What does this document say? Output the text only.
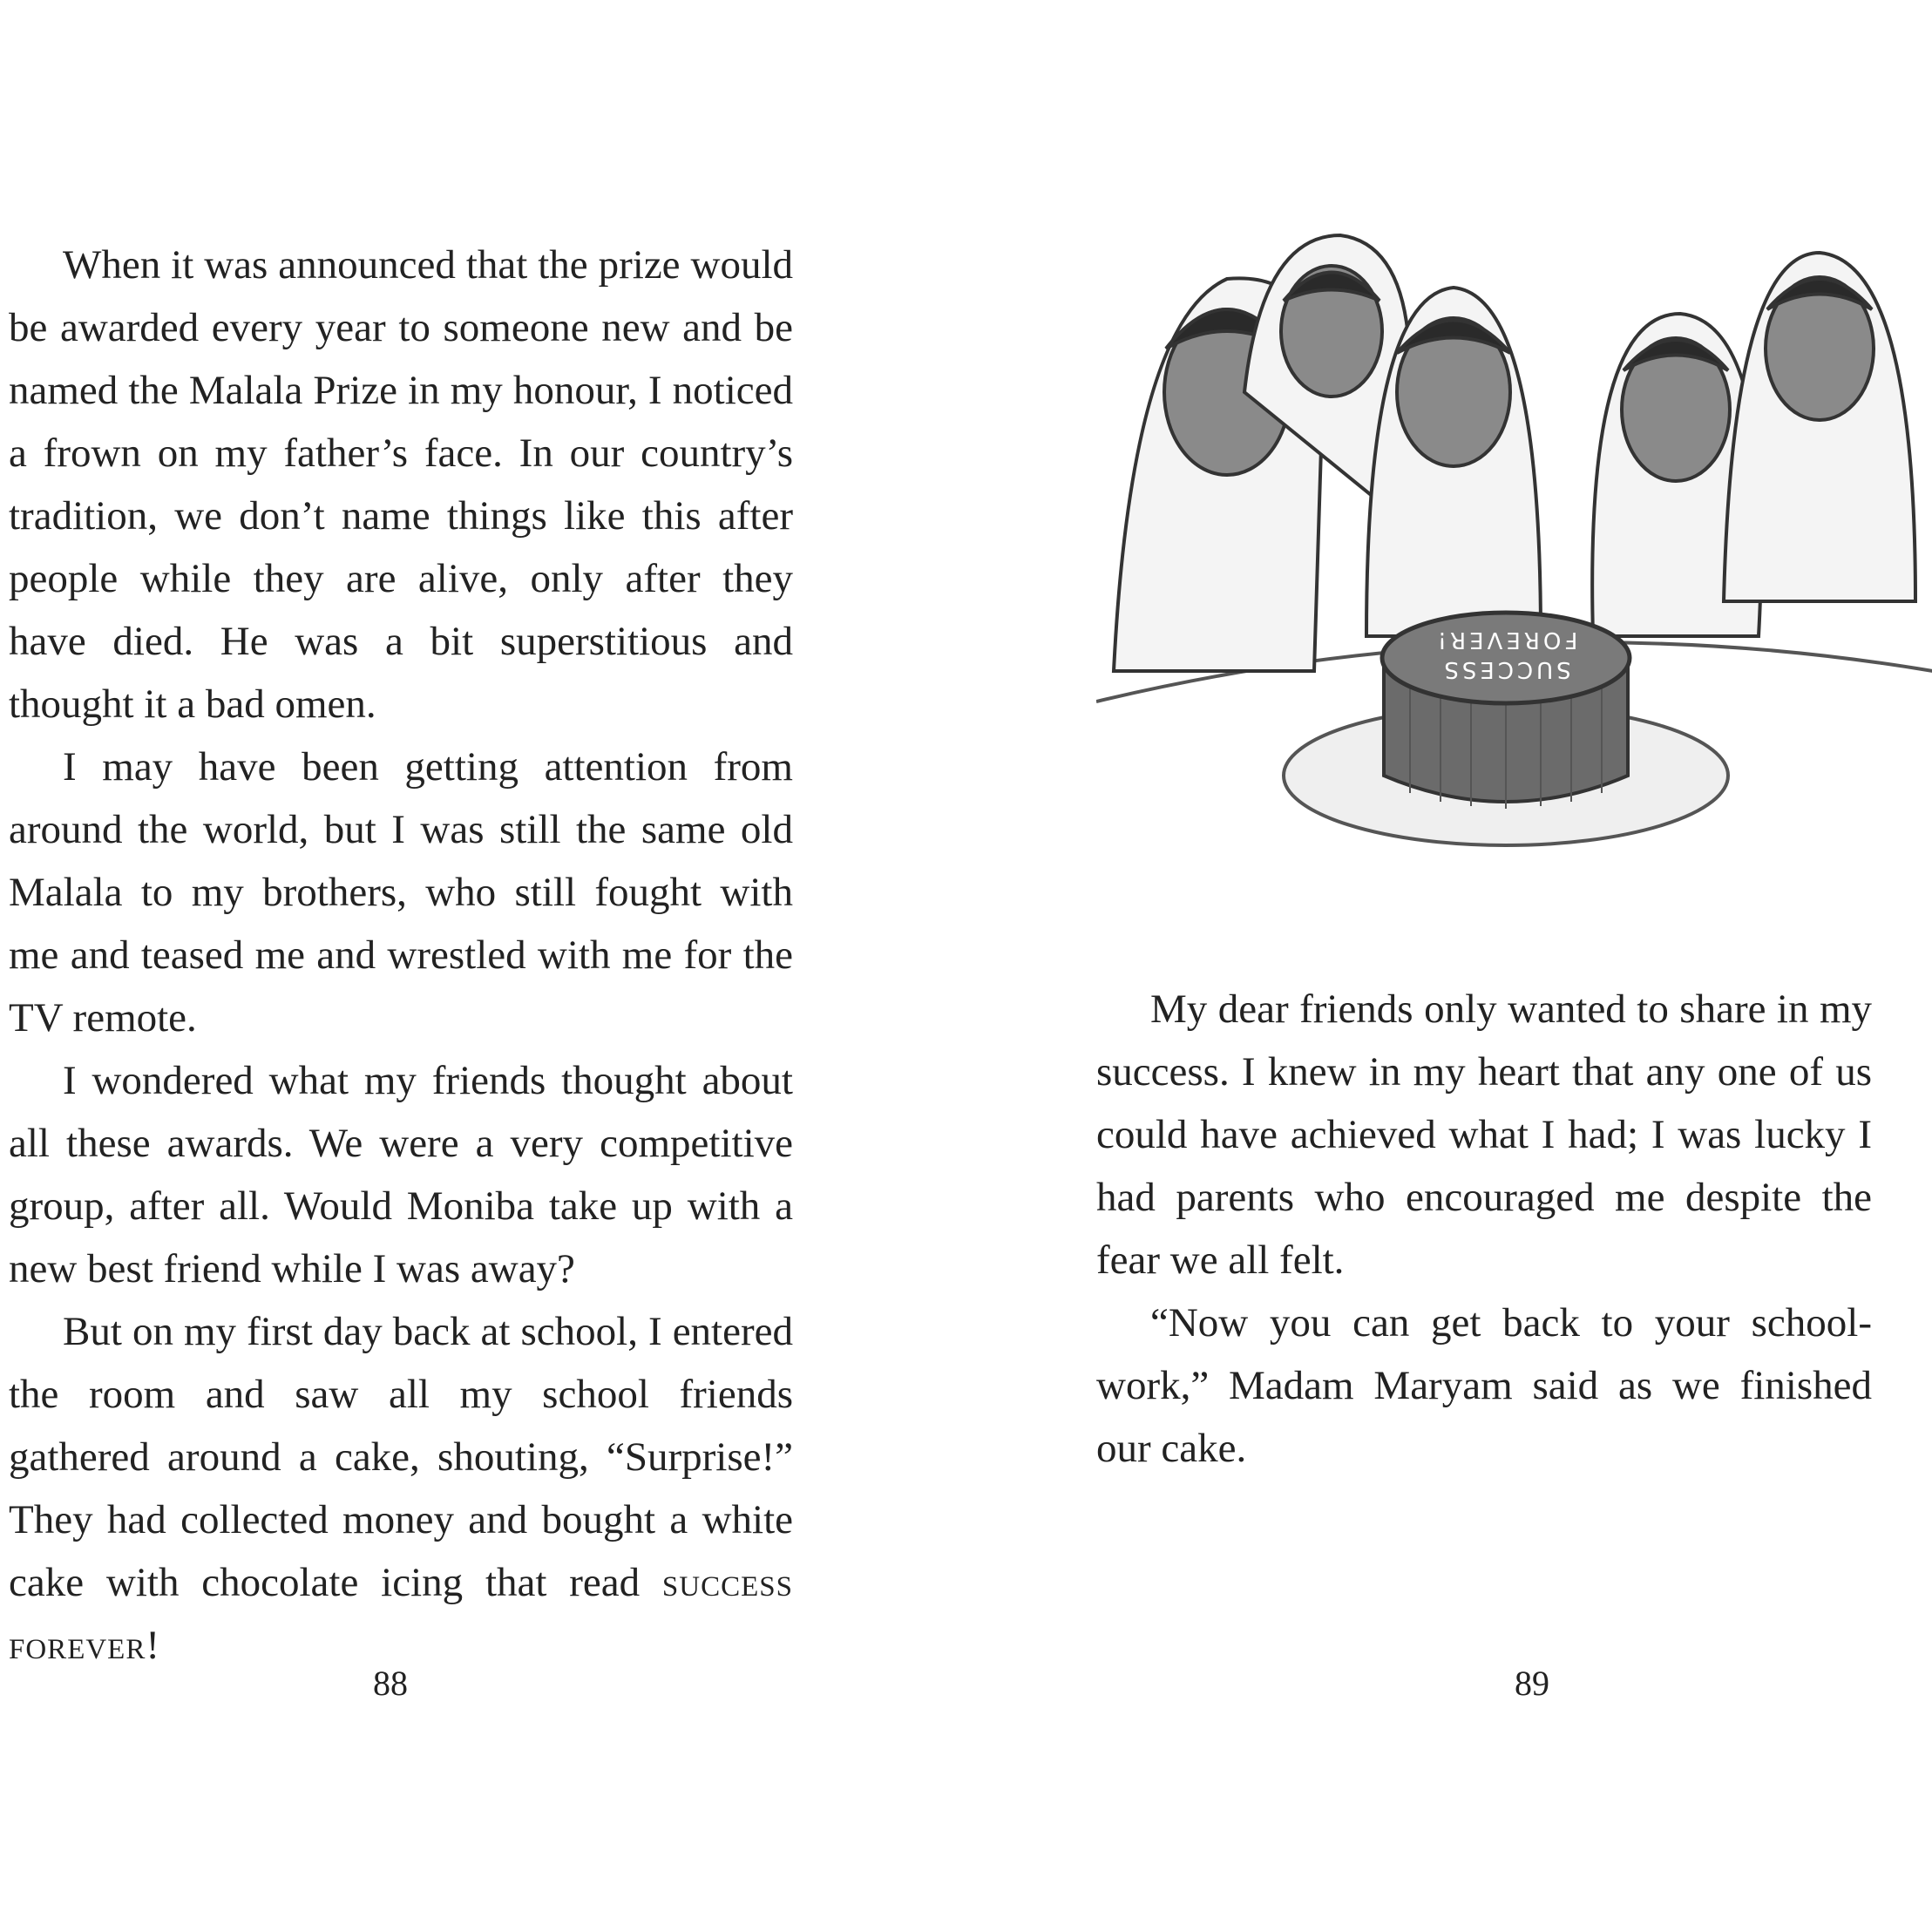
When it was announced that the prize would be awarded every year to someone new and be named the Malala Prize in my honour, I noticed a frown on my father’s face. In our country’s tradition, we don’t name things like this after people while they are alive, only after they have died. He was a bit superstitious and thought it a bad omen.

I may have been getting attention from around the world, but I was still the same old Malala to my brothers, who still fought with me and teased me and wrestled with me for the TV remote.

I wondered what my friends thought about all these awards. We were a very competitive group, after all. Would Moniba take up with a new best friend while I was away?

But on my first day back at school, I entered the room and saw all my school friends gathered around a cake, shouting, “Surprise!” They had collected money and bought a white cake with chocolate icing that read success forever!

88
FOREVER!
SUCCESS

My dear friends only wanted to share in my success. I knew in my heart that any one of us could have achieved what I had; I was lucky I had parents who encouraged me despite the fear we all felt.

“Now you can get back to your school-work,” Madam Maryam said as we finished our cake.

89
